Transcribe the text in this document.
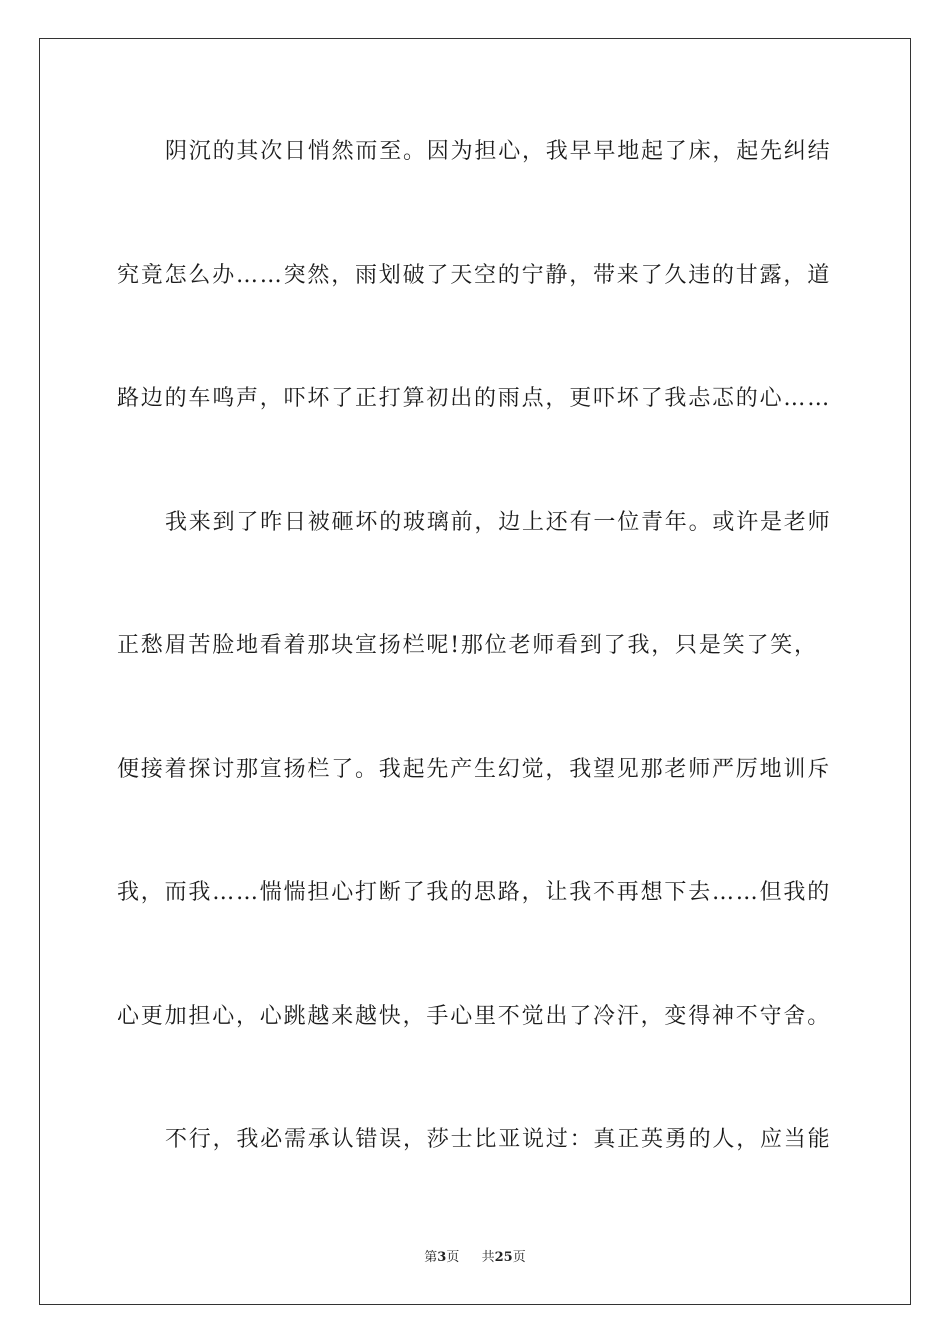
阴沉的其次日悄然而至。因为担心，我早早地起了床，起先纠结
究竟怎么办……突然，雨划破了天空的宁静，带来了久违的甘露，道
路边的车鸣声，吓坏了正打算初出的雨点，更吓坏了我忐忑的心……
我来到了昨日被砸坏的玻璃前，边上还有一位青年。或许是老师
正愁眉苦脸地看着那块宣扬栏呢!那位老师看到了我，只是笑了笑，
便接着探讨那宣扬栏了。我起先产生幻觉，我望见那老师严厉地训斥
我，而我……惴惴担心打断了我的思路，让我不再想下去……但我的
心更加担心，心跳越来越快，手心里不觉出了冷汗，变得神不守舍。
不行，我必需承认错误，莎士比亚说过：真正英勇的人，应当能
第3页 共25页
